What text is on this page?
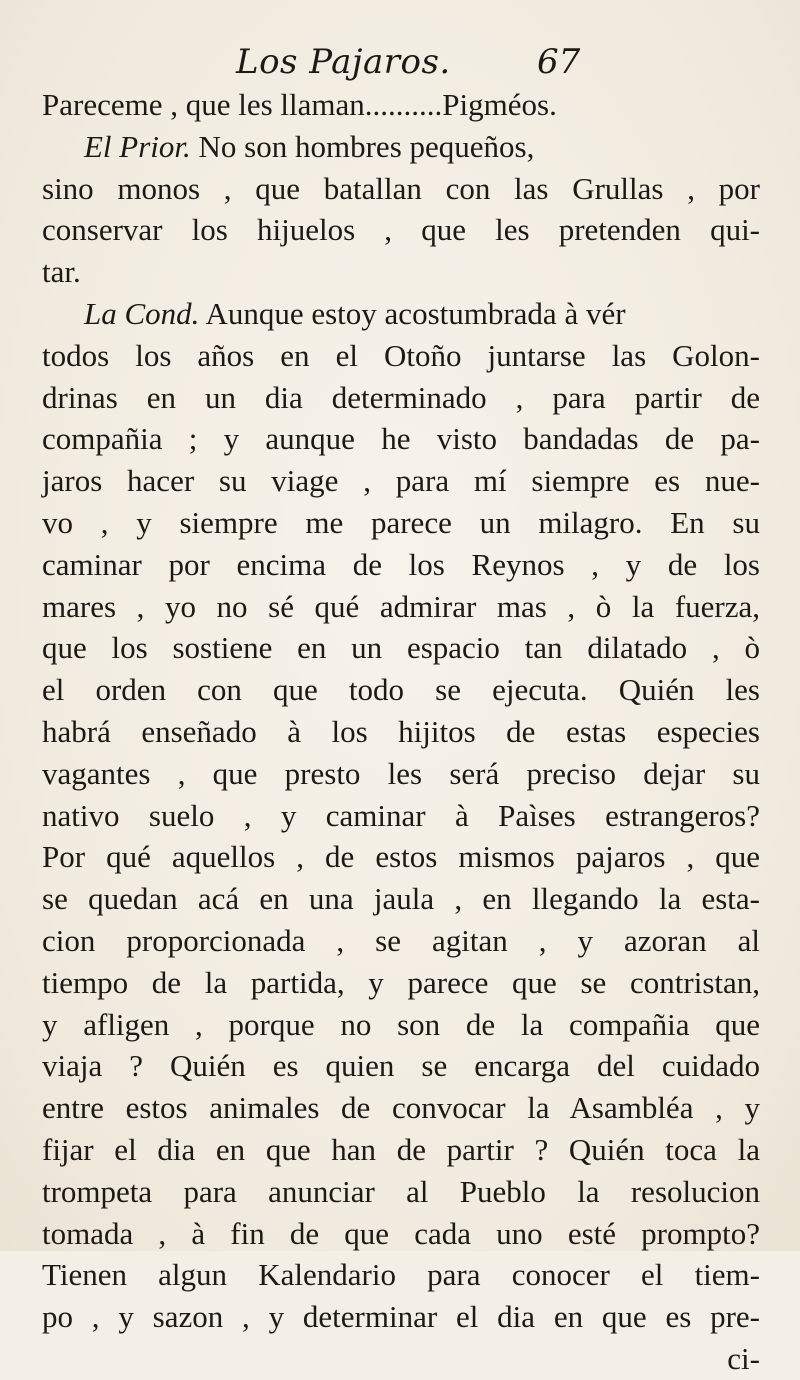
Los Pajaros.	67
Pareceme , que les llaman..........Pigméos.
El Prior. No son hombres pequeños,
sino monos , que batallan con las Grullas , por
conservar los hijuelos , que les pretenden qui-
tar.
La Cond. Aunque estoy acostumbrada à vér
todos los años en el Otoño juntarse las Golon-
drinas en un dia determinado , para partir de
compañia ; y aunque he visto bandadas de pa-
jaros hacer su viage , para mí siempre es nue-
vo , y siempre me parece un milagro. En su
caminar por encima de los Reynos , y de los
mares , yo no sé qué admirar mas , ò la fuerza,
que los sostiene en un espacio tan dilatado , ò
el orden con que todo se ejecuta. Quién les
habrá enseñado à los hijitos de estas especies
vagantes , que presto les será preciso dejar su
nativo suelo , y caminar à Paìses estrangeros?
Por qué aquellos , de estos mismos pajaros , que
se quedan acá en una jaula , en llegando la esta-
cion proporcionada , se agitan , y azoran al
tiempo de la partida, y parece que se contristan,
y afligen , porque no son de la compañia que
viaja ? Quién es quien se encarga del cuidado
entre estos animales de convocar la Asambléa , y
fijar el dia en que han de partir ? Quién toca la
trompeta para anunciar al Pueblo la resolucion
tomada , à fin de que cada uno esté prompto?
Tienen algun Kalendario para conocer el tiem-
po , y sazon , y determinar el dia en que es pre-
ci-
